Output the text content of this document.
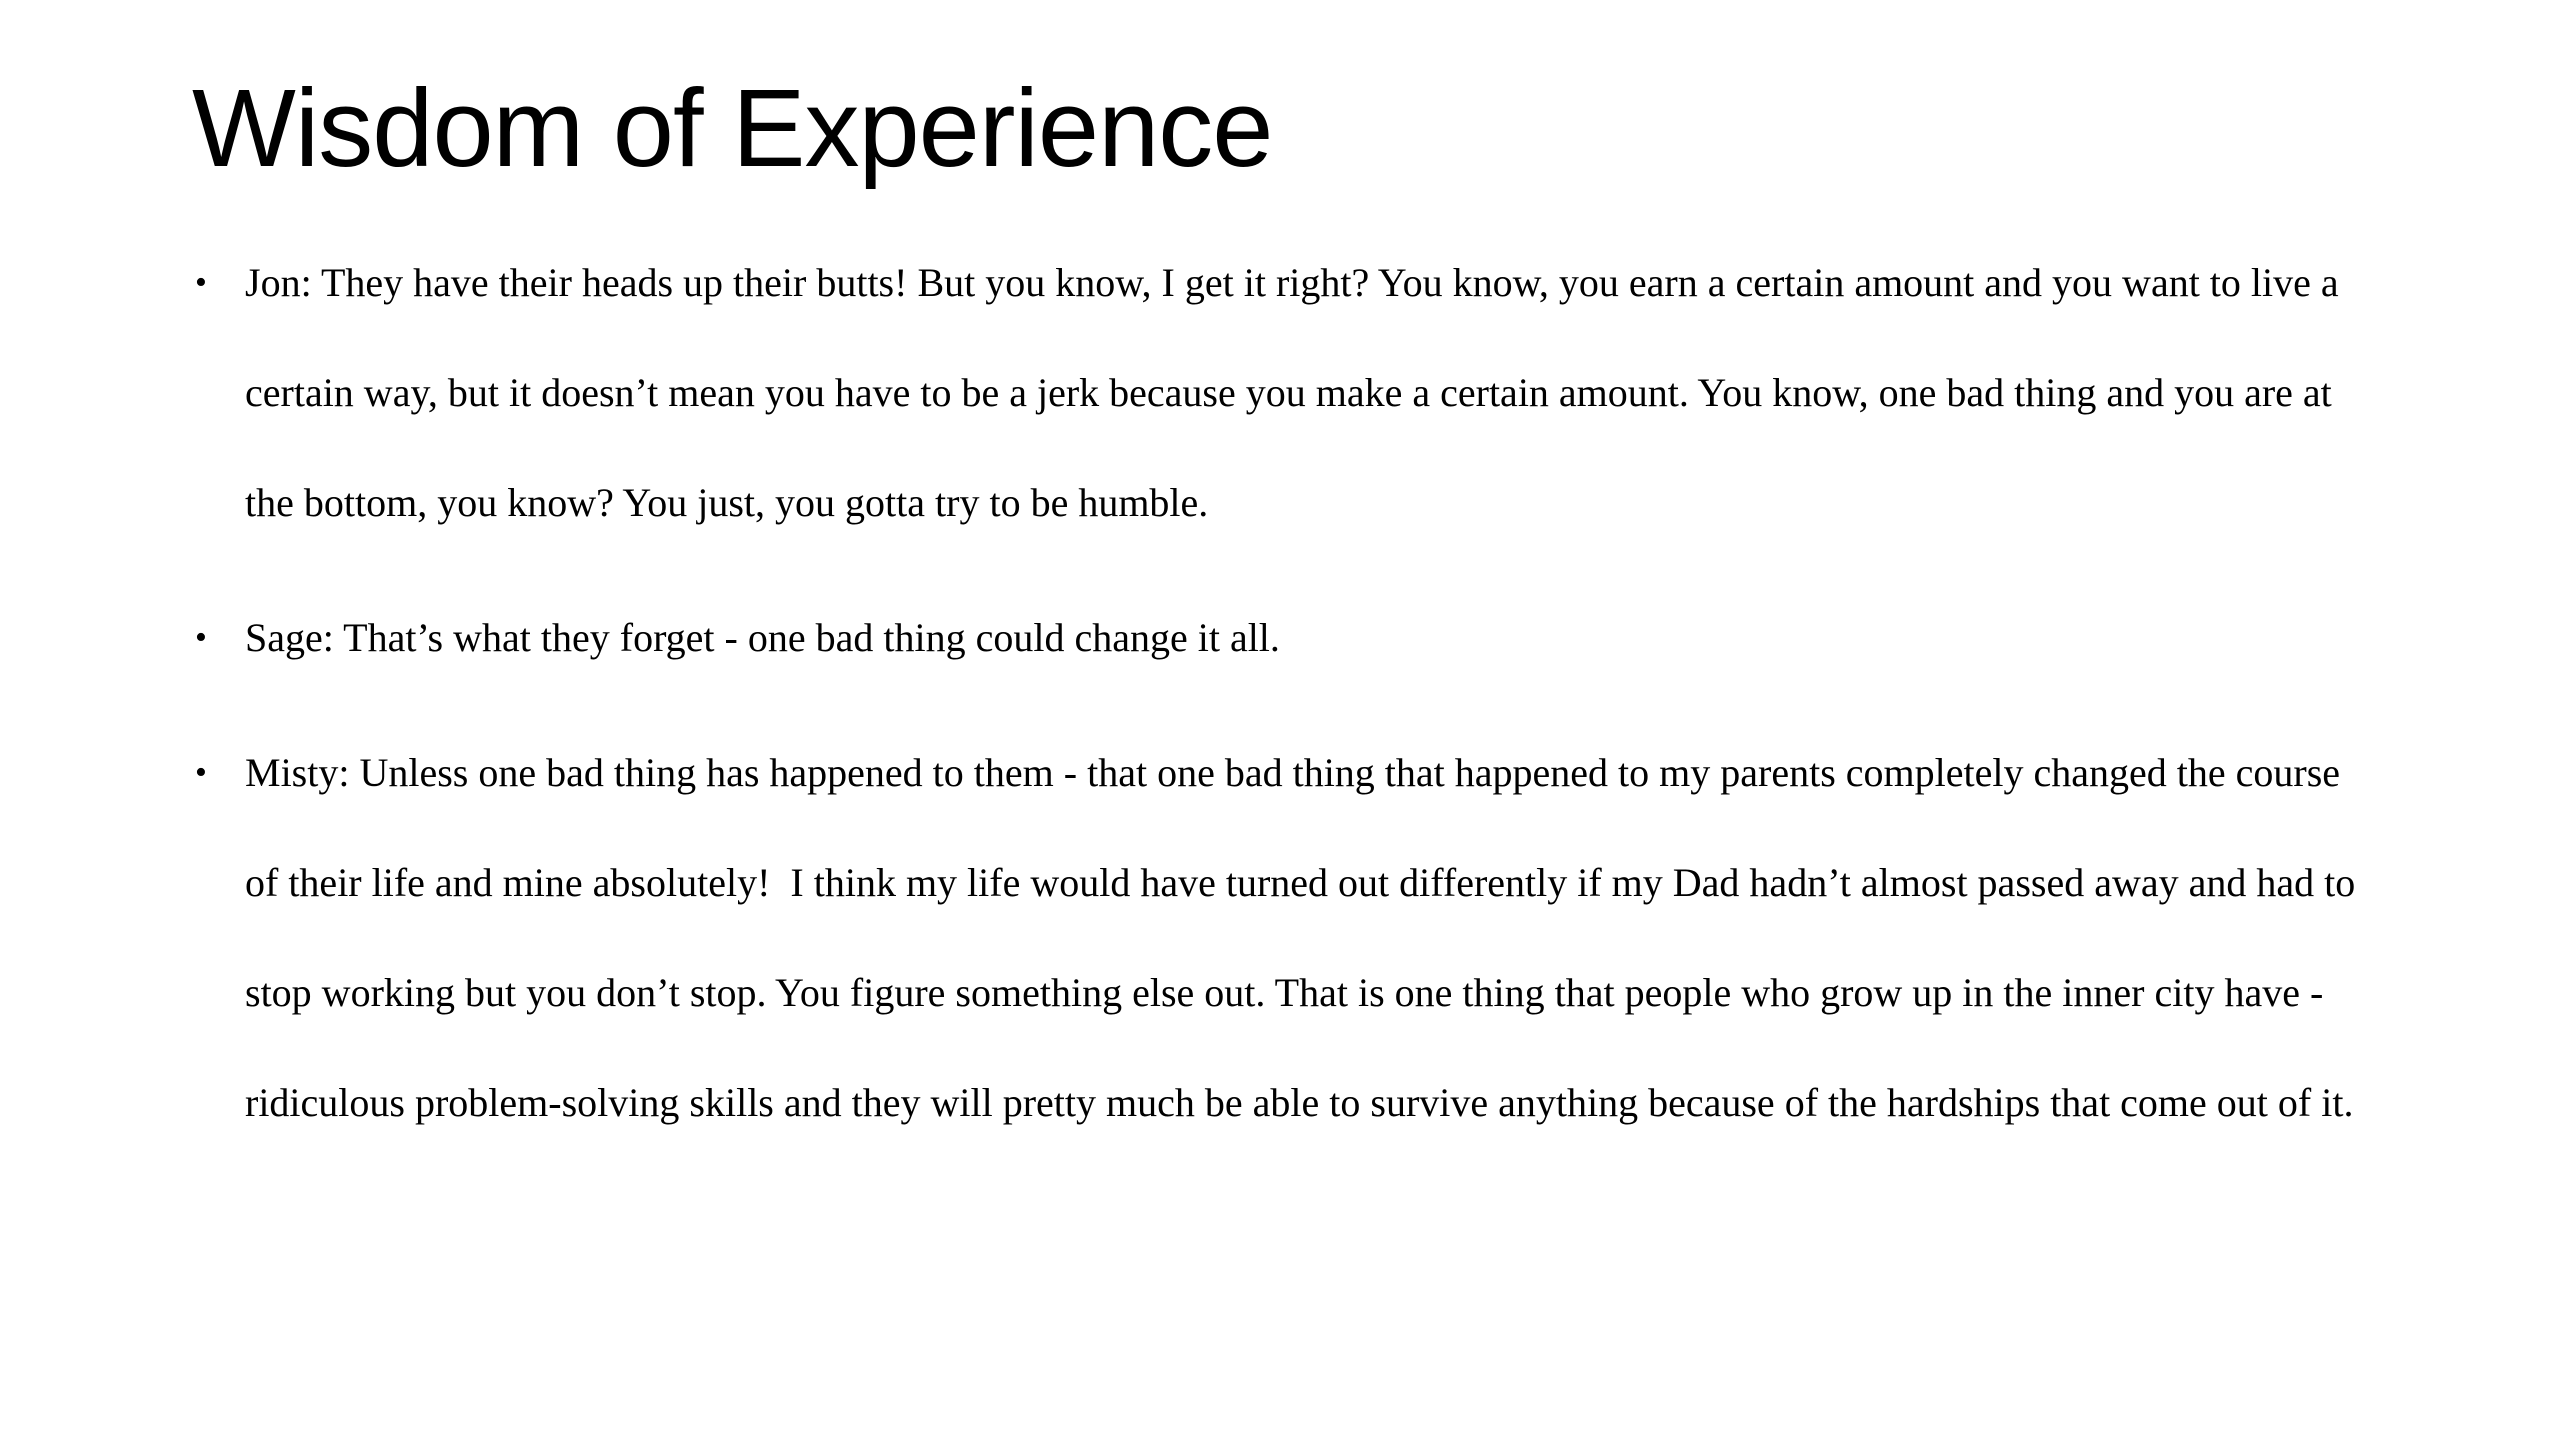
Wisdom of Experience
• Jon: They have their heads up their butts! But you know, I get it right? You know, you earn a certain amount and you want to live a certain way, but it doesn’t mean you have to be a jerk because you make a certain amount. You know, one bad thing and you are at the bottom, you know? You just, you gotta try to be humble.
• Sage: That’s what they forget - one bad thing could change it all.
• Misty: Unless one bad thing has happened to them - that one bad thing that happened to my parents completely changed the course of their life and mine absolutely!  I think my life would have turned out differently if my Dad hadn’t almost passed away and had to stop working but you don’t stop. You figure something else out. That is one thing that people who grow up in the inner city have - ridiculous problem-solving skills and they will pretty much be able to survive anything because of the hardships that come out of it.
